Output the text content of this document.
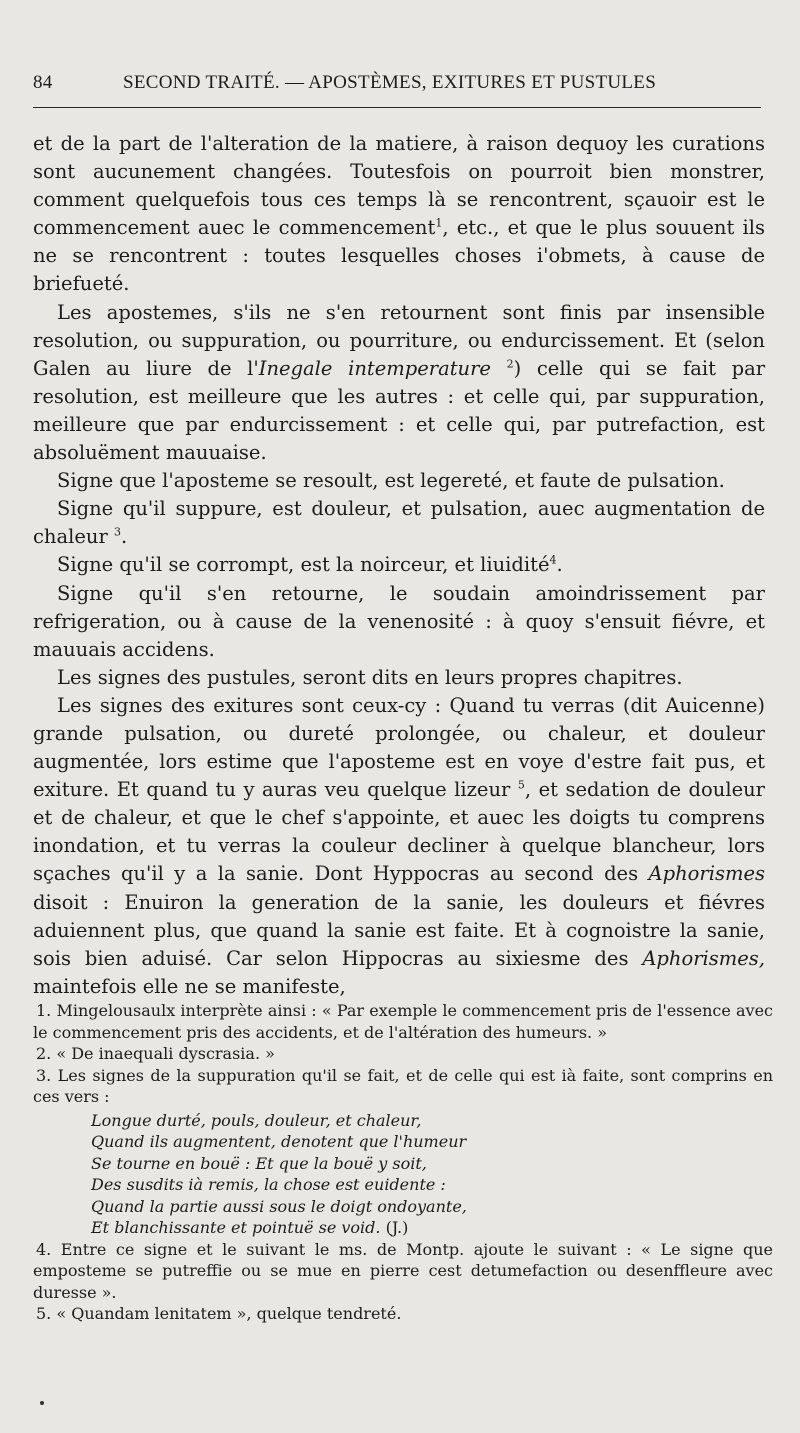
84	SECOND TRAITÉ. — APOSTÈMES, EXITURES ET PUSTULES

et de la part de l'alteration de la matiere, à raison dequoy les curations sont aucunement changées. Toutesfois on pourroit bien monstrer, comment quelquefois tous ces temps là se rencontrent, sçauoir est le commencement auec le commencement$^1$, etc., et que le plus souuent ils ne se rencontrent : toutes lesquelles choses i'obmets, à cause de briefueté.

Les apostemes, s'ils ne s'en retournent sont finis par insensible resolution, ou suppuration, ou pourriture, ou endurcissement. Et (selon Galen au liure de l'Inegale intemperature $^2$) celle qui se fait par resolution, est meilleure que les autres : et celle qui, par suppuration, meilleure que par endurcissement : et celle qui, par putrefaction, est absoluëment mauuaise.

Signe que l'aposteme se resoult, est legereté, et faute de pulsation.

Signe qu'il suppure, est douleur, et pulsation, auec augmentation de chaleur $^3$.

Signe qu'il se corrompt, est la noirceur, et liuidité$^4$.

Signe qu'il s'en retourne, le soudain amoindrissement par refrigeration, ou à cause de la venenosité : à quoy s'ensuit fiévre, et mauuais accidens.

Les signes des pustules, seront dits en leurs propres chapitres.

Les signes des exitures sont ceux-cy : Quand tu verras (dit Auicenne) grande pulsation, ou dureté prolongée, ou chaleur, et douleur augmentée, lors estime que l'aposteme est en voye d'estre fait pus, et exiture. Et quand tu y auras veu quelque lizeur $^5$, et sedation de douleur et de chaleur, et que le chef s'appointe, et auec les doigts tu comprens inondation, et tu verras la couleur decliner à quelque blancheur, lors sçaches qu'il y a la sanie. Dont Hyppocras au second des Aphorismes disoit : Enuiron la generation de la sanie, les douleurs et fiévres aduiennent plus, que quand la sanie est faite. Et à cognoistre la sanie, sois bien aduisé. Car selon Hippocras au sixiesme des Aphorismes, maintefois elle ne se manifeste,

1. Mingelousaulx interprète ainsi : « Par exemple le commencement pris de l'essence avec le commencement pris des accidents, et de l'altération des humeurs. »

2. « De inaequali dyscrasia. »

3. Les signes de la suppuration qu'il se fait, et de celle qui est ià faite, sont comprins en ces vers :

Longue durté, pouls, douleur, et chaleur,
Quand ils augmentent, denotent que l'humeur
Se tourne en bouë : Et que la bouë y soit,
Des susdits ià remis, la chose est euidente :
Quand la partie aussi sous le doigt ondoyante,
Et blanchissante et pointuë se void. (J.)

4. Entre ce signe et le suivant le ms. de Montp. ajoute le suivant : « Le signe que emposteme se putreffie ou se mue en pierre cest detumefaction ou desenffleure avec duresse ».

5. « Quandam lenitatem », quelque tendreté.
